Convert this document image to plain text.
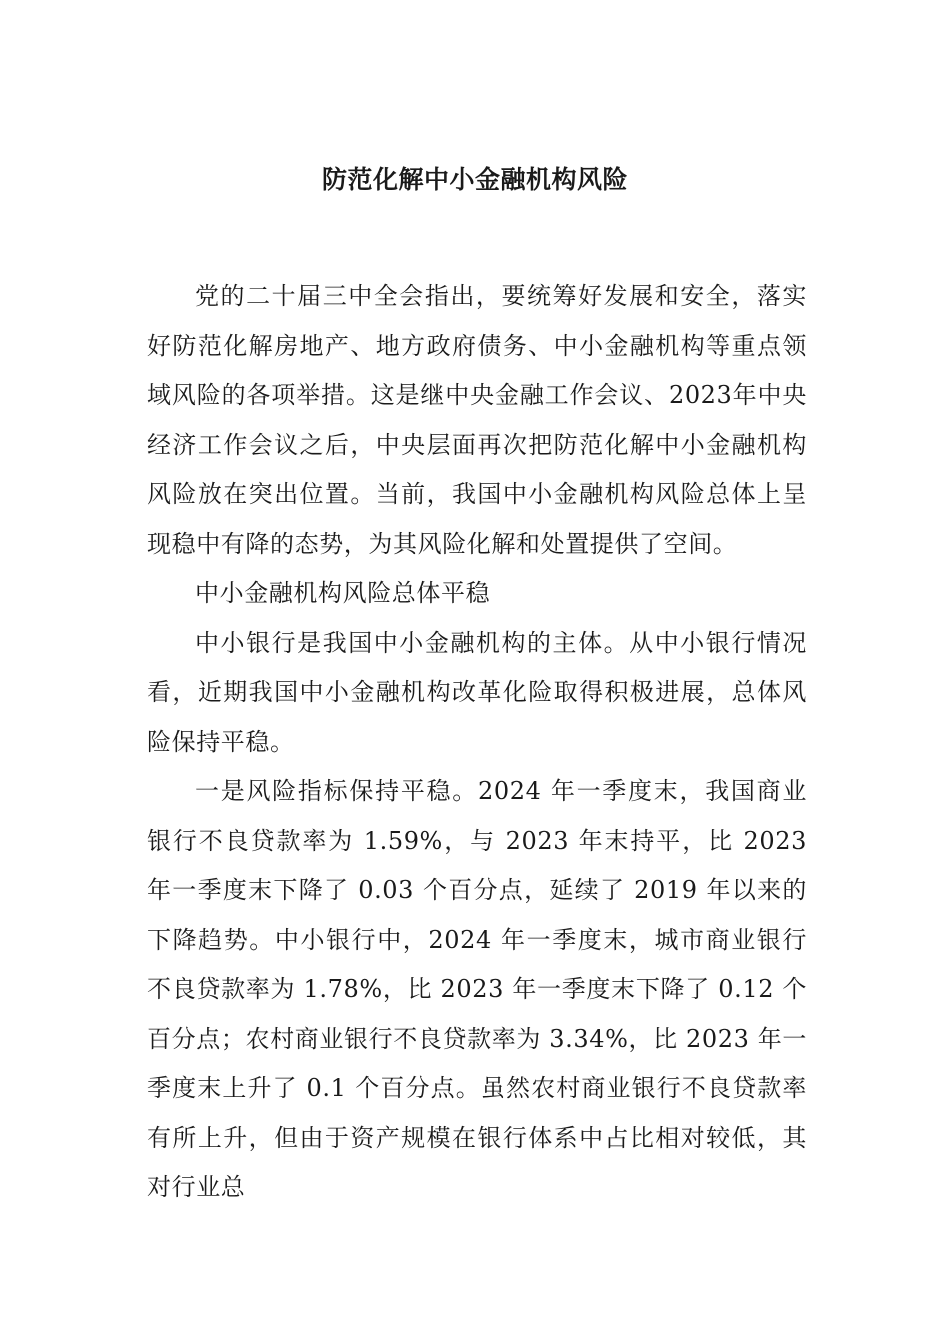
防范化解中小金融机构风险

党的二十届三中全会指出，要统筹好发展和安全，落实好防范化解房地产、地方政府债务、中小金融机构等重点领域风险的各项举措。这是继中央金融工作会议、2023年中央经济工作会议之后，中央层面再次把防范化解中小金融机构风险放在突出位置。当前，我国中小金融机构风险总体上呈现稳中有降的态势，为其风险化解和处置提供了空间。

中小金融机构风险总体平稳

中小银行是我国中小金融机构的主体。从中小银行情况看，近期我国中小金融机构改革化险取得积极进展，总体风险保持平稳。

一是风险指标保持平稳。2024 年一季度末，我国商业银行不良贷款率为 1.59%，与 2023 年末持平，比 2023 年一季度末下降了 0.03 个百分点，延续了 2019 年以来的下降趋势。中小银行中，2024 年一季度末，城市商业银行不良贷款率为 1.78%，比 2023 年一季度末下降了 0.12 个百分点；农村商业银行不良贷款率为 3.34%，比 2023 年一季度末上升了 0.1 个百分点。虽然农村商业银行不良贷款率有所上升，但由于资产规模在银行体系中占比相对较低，其对行业总
